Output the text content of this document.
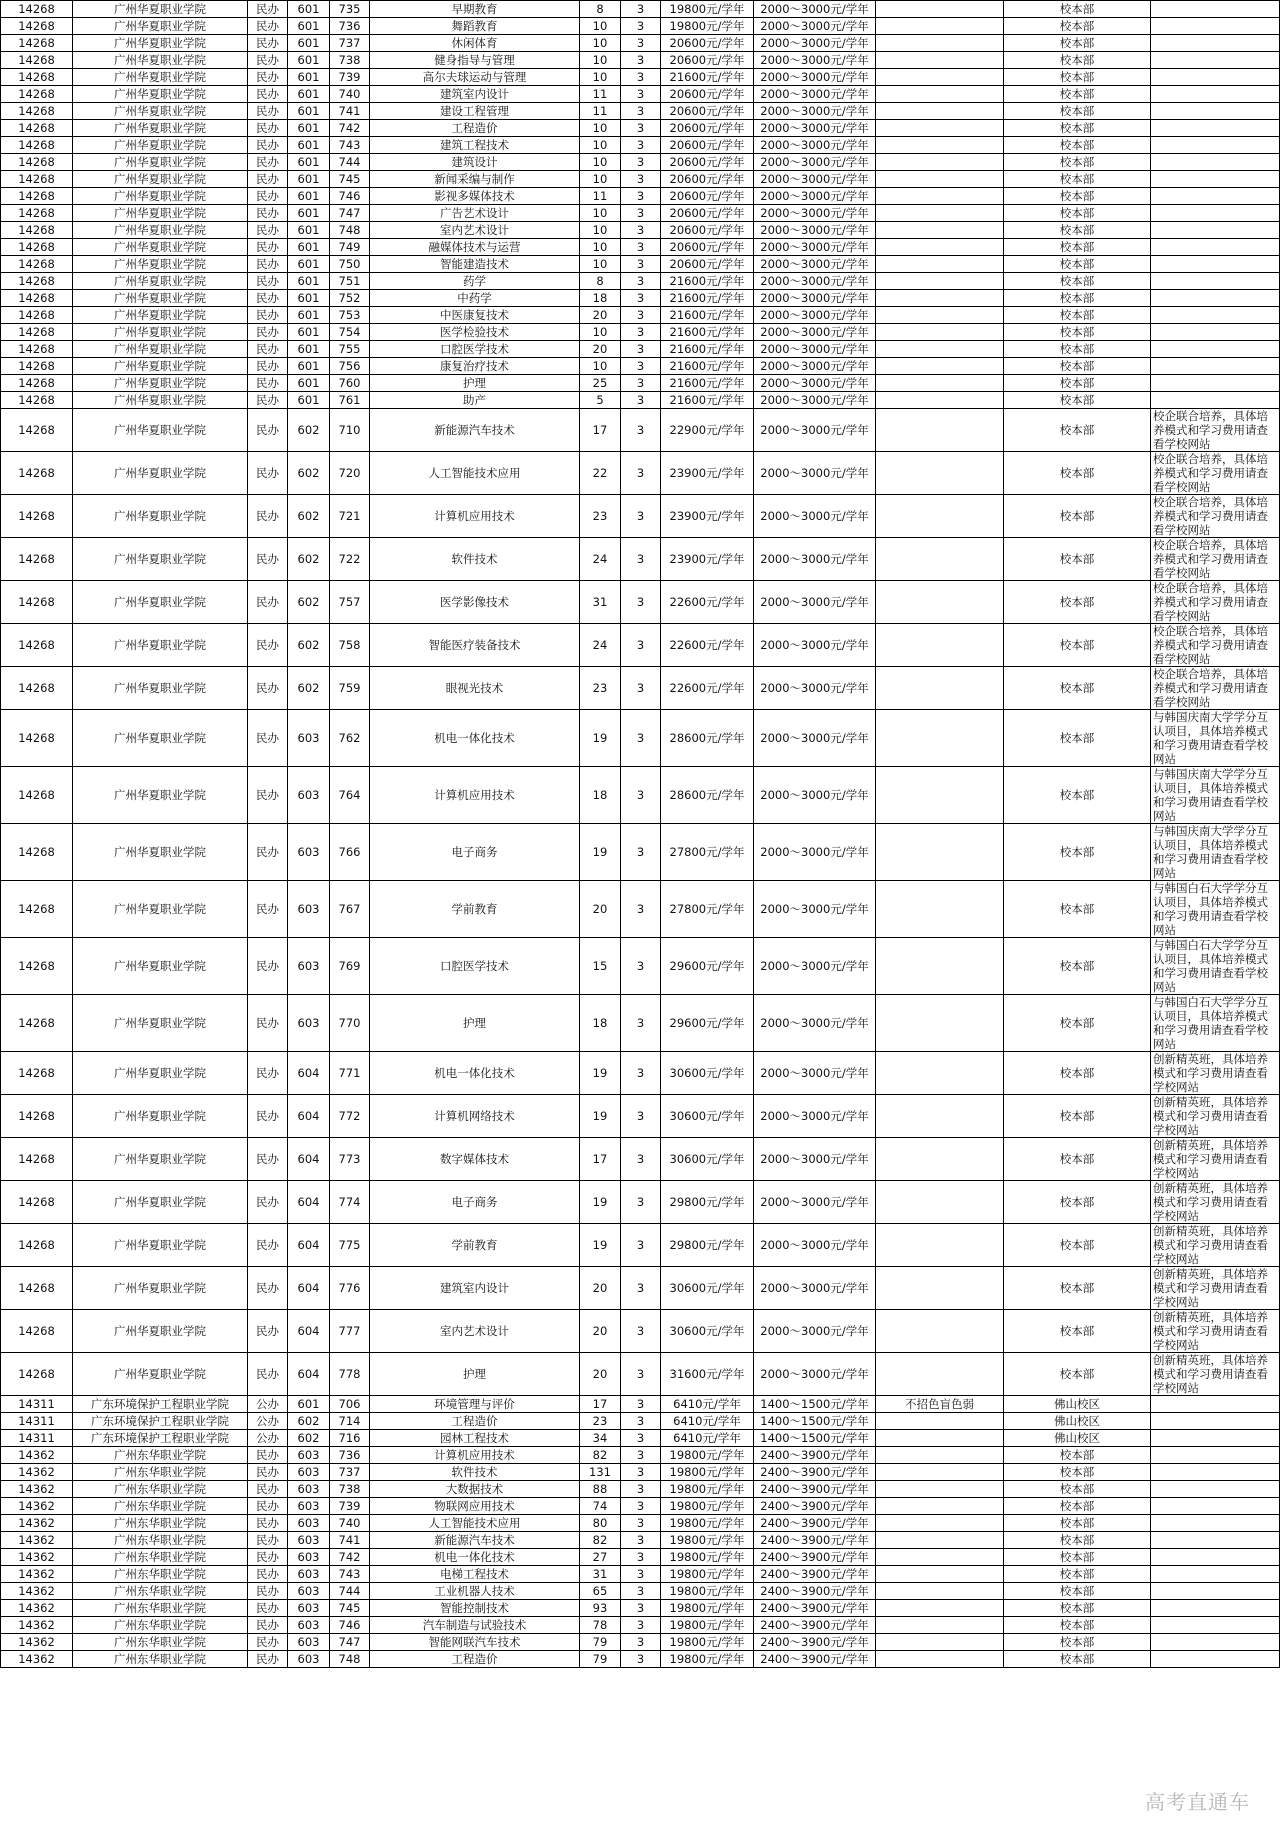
14268	广州华夏职业学院	民办	601	735	早期教育	8	3	19800元/学年	2000～3000元/学年		校本部	
14268	广州华夏职业学院	民办	601	736	舞蹈教育	10	3	19800元/学年	2000～3000元/学年		校本部	
14268	广州华夏职业学院	民办	601	737	休闲体育	10	3	20600元/学年	2000～3000元/学年		校本部	
14268	广州华夏职业学院	民办	601	738	健身指导与管理	10	3	20600元/学年	2000～3000元/学年		校本部	
14268	广州华夏职业学院	民办	601	739	高尔夫球运动与管理	10	3	21600元/学年	2000～3000元/学年		校本部	
14268	广州华夏职业学院	民办	601	740	建筑室内设计	11	3	20600元/学年	2000～3000元/学年		校本部	
14268	广州华夏职业学院	民办	601	741	建设工程管理	11	3	20600元/学年	2000～3000元/学年		校本部	
14268	广州华夏职业学院	民办	601	742	工程造价	10	3	20600元/学年	2000～3000元/学年		校本部	
14268	广州华夏职业学院	民办	601	743	建筑工程技术	10	3	20600元/学年	2000～3000元/学年		校本部	
14268	广州华夏职业学院	民办	601	744	建筑设计	10	3	20600元/学年	2000～3000元/学年		校本部	
14268	广州华夏职业学院	民办	601	745	新闻采编与制作	10	3	20600元/学年	2000～3000元/学年		校本部	
14268	广州华夏职业学院	民办	601	746	影视多媒体技术	11	3	20600元/学年	2000～3000元/学年		校本部	
14268	广州华夏职业学院	民办	601	747	广告艺术设计	10	3	20600元/学年	2000～3000元/学年		校本部	
14268	广州华夏职业学院	民办	601	748	室内艺术设计	10	3	20600元/学年	2000～3000元/学年		校本部	
14268	广州华夏职业学院	民办	601	749	融媒体技术与运营	10	3	20600元/学年	2000～3000元/学年		校本部	
14268	广州华夏职业学院	民办	601	750	智能建造技术	10	3	20600元/学年	2000～3000元/学年		校本部	
14268	广州华夏职业学院	民办	601	751	药学	8	3	21600元/学年	2000～3000元/学年		校本部	
14268	广州华夏职业学院	民办	601	752	中药学	18	3	21600元/学年	2000～3000元/学年		校本部	
14268	广州华夏职业学院	民办	601	753	中医康复技术	20	3	21600元/学年	2000～3000元/学年		校本部	
14268	广州华夏职业学院	民办	601	754	医学检验技术	10	3	21600元/学年	2000～3000元/学年		校本部	
14268	广州华夏职业学院	民办	601	755	口腔医学技术	20	3	21600元/学年	2000～3000元/学年		校本部	
14268	广州华夏职业学院	民办	601	756	康复治疗技术	10	3	21600元/学年	2000～3000元/学年		校本部	
14268	广州华夏职业学院	民办	601	760	护理	25	3	21600元/学年	2000～3000元/学年		校本部	
14268	广州华夏职业学院	民办	601	761	助产	5	3	21600元/学年	2000～3000元/学年		校本部	
14268	广州华夏职业学院	民办	602	710	新能源汽车技术	17	3	22900元/学年	2000～3000元/学年		校本部	校企联合培养，具体培养模式和学习费用请查看学校网站
14268	广州华夏职业学院	民办	602	720	人工智能技术应用	22	3	23900元/学年	2000～3000元/学年		校本部	校企联合培养，具体培养模式和学习费用请查看学校网站
14268	广州华夏职业学院	民办	602	721	计算机应用技术	23	3	23900元/学年	2000～3000元/学年		校本部	校企联合培养，具体培养模式和学习费用请查看学校网站
14268	广州华夏职业学院	民办	602	722	软件技术	24	3	23900元/学年	2000～3000元/学年		校本部	校企联合培养，具体培养模式和学习费用请查看学校网站
14268	广州华夏职业学院	民办	602	757	医学影像技术	31	3	22600元/学年	2000～3000元/学年		校本部	校企联合培养，具体培养模式和学习费用请查看学校网站
14268	广州华夏职业学院	民办	602	758	智能医疗装备技术	24	3	22600元/学年	2000～3000元/学年		校本部	校企联合培养，具体培养模式和学习费用请查看学校网站
14268	广州华夏职业学院	民办	602	759	眼视光技术	23	3	22600元/学年	2000～3000元/学年		校本部	校企联合培养，具体培养模式和学习费用请查看学校网站
14268	广州华夏职业学院	民办	603	762	机电一体化技术	19	3	28600元/学年	2000～3000元/学年		校本部	与韩国庆南大学学分互认项目，具体培养模式和学习费用请查看学校网站
14268	广州华夏职业学院	民办	603	764	计算机应用技术	18	3	28600元/学年	2000～3000元/学年		校本部	与韩国庆南大学学分互认项目，具体培养模式和学习费用请查看学校网站
14268	广州华夏职业学院	民办	603	766	电子商务	19	3	27800元/学年	2000～3000元/学年		校本部	与韩国庆南大学学分互认项目，具体培养模式和学习费用请查看学校网站
14268	广州华夏职业学院	民办	603	767	学前教育	20	3	27800元/学年	2000～3000元/学年		校本部	与韩国白石大学学分互认项目，具体培养模式和学习费用请查看学校网站
14268	广州华夏职业学院	民办	603	769	口腔医学技术	15	3	29600元/学年	2000～3000元/学年		校本部	与韩国白石大学学分互认项目，具体培养模式和学习费用请查看学校网站
14268	广州华夏职业学院	民办	603	770	护理	18	3	29600元/学年	2000～3000元/学年		校本部	与韩国白石大学学分互认项目，具体培养模式和学习费用请查看学校网站
14268	广州华夏职业学院	民办	604	771	机电一体化技术	19	3	30600元/学年	2000～3000元/学年		校本部	创新精英班，具体培养模式和学习费用请查看学校网站
14268	广州华夏职业学院	民办	604	772	计算机网络技术	19	3	30600元/学年	2000～3000元/学年		校本部	创新精英班，具体培养模式和学习费用请查看学校网站
14268	广州华夏职业学院	民办	604	773	数字媒体技术	17	3	30600元/学年	2000～3000元/学年		校本部	创新精英班，具体培养模式和学习费用请查看学校网站
14268	广州华夏职业学院	民办	604	774	电子商务	19	3	29800元/学年	2000～3000元/学年		校本部	创新精英班，具体培养模式和学习费用请查看学校网站
14268	广州华夏职业学院	民办	604	775	学前教育	19	3	29800元/学年	2000～3000元/学年		校本部	创新精英班，具体培养模式和学习费用请查看学校网站
14268	广州华夏职业学院	民办	604	776	建筑室内设计	20	3	30600元/学年	2000～3000元/学年		校本部	创新精英班，具体培养模式和学习费用请查看学校网站
14268	广州华夏职业学院	民办	604	777	室内艺术设计	20	3	30600元/学年	2000～3000元/学年		校本部	创新精英班，具体培养模式和学习费用请查看学校网站
14268	广州华夏职业学院	民办	604	778	护理	20	3	31600元/学年	2000～3000元/学年		校本部	创新精英班，具体培养模式和学习费用请查看学校网站
14311	广东环境保护工程职业学院	公办	601	706	环境管理与评价	17	3	6410元/学年	1400～1500元/学年	不招色盲色弱	佛山校区	
14311	广东环境保护工程职业学院	公办	602	714	工程造价	23	3	6410元/学年	1400～1500元/学年		佛山校区	
14311	广东环境保护工程职业学院	公办	602	716	园林工程技术	34	3	6410元/学年	1400～1500元/学年		佛山校区	
14362	广州东华职业学院	民办	603	736	计算机应用技术	82	3	19800元/学年	2400～3900元/学年		校本部	
14362	广州东华职业学院	民办	603	737	软件技术	131	3	19800元/学年	2400～3900元/学年		校本部	
14362	广州东华职业学院	民办	603	738	大数据技术	88	3	19800元/学年	2400～3900元/学年		校本部	
14362	广州东华职业学院	民办	603	739	物联网应用技术	74	3	19800元/学年	2400～3900元/学年		校本部	
14362	广州东华职业学院	民办	603	740	人工智能技术应用	80	3	19800元/学年	2400～3900元/学年		校本部	
14362	广州东华职业学院	民办	603	741	新能源汽车技术	82	3	19800元/学年	2400～3900元/学年		校本部	
14362	广州东华职业学院	民办	603	742	机电一体化技术	27	3	19800元/学年	2400～3900元/学年		校本部	
14362	广州东华职业学院	民办	603	743	电梯工程技术	31	3	19800元/学年	2400～3900元/学年		校本部	
14362	广州东华职业学院	民办	603	744	工业机器人技术	65	3	19800元/学年	2400～3900元/学年		校本部	
14362	广州东华职业学院	民办	603	745	智能控制技术	93	3	19800元/学年	2400～3900元/学年		校本部	
14362	广州东华职业学院	民办	603	746	汽车制造与试验技术	78	3	19800元/学年	2400～3900元/学年		校本部	
14362	广州东华职业学院	民办	603	747	智能网联汽车技术	79	3	19800元/学年	2400～3900元/学年		校本部	
14362	广州东华职业学院	民办	603	748	工程造价	79	3	19800元/学年	2400～3900元/学年		校本部	
高考直通车
